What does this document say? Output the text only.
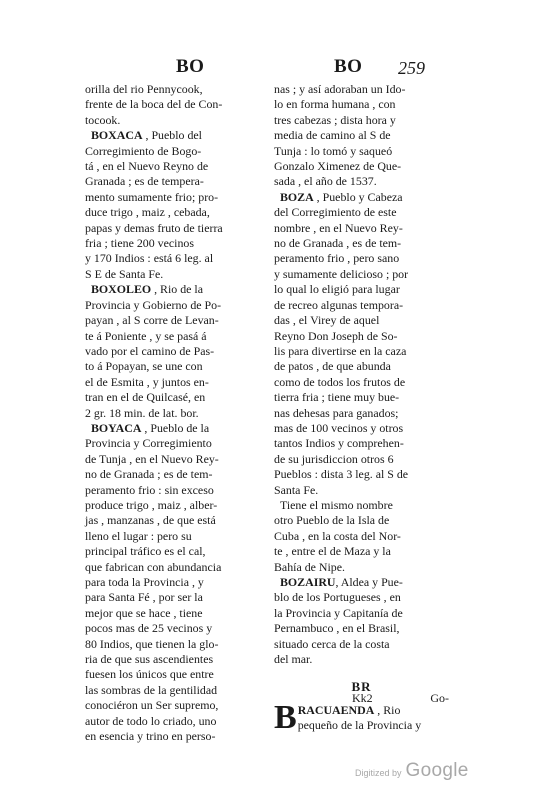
BO	BO 259

orilla del rio Pennycook,
frente de la boca del de Con-
tocook.

BOXACA , Pueblo del
Corregimiento de Bogo-
tá , en el Nuevo Reyno de
Granada ; es de tempera-
mento sumamente frio; pro-
duce trigo , maiz , cebada,
papas y demas fruto de tierra
fria ; tiene 200 vecinos
y 170 Indios : está 6 leg. al
S E de Santa Fe.

BOXOLEO , Rio de la
Provincia y Gobierno de Po-
payan , al S corre de Levan-
te á Poniente , y se pasá á
vado por el camino de Pas-
to á Popayan, se une con
el de Esmita , y juntos en-
tran en el de Quilcasé, en
2 gr. 18 min. de lat. bor.

BOYACA , Pueblo de la
Provincia y Corregimiento
de Tunja , en el Nuevo Rey-
no de Granada ; es de tem-
peramento frio : sin exceso
produce trigo , maiz , alber-
jas , manzanas , de que está
lleno el lugar : pero su
principal tráfico es el cal,
que fabrican con abundancia
para toda la Provincia , y
para Santa Fé , por ser la
mejor que se hace , tiene
pocos mas de 25 vecinos y
80 Indios, que tienen la glo-
ria de que sus ascendientes
fuesen los únicos que entre
las sombras de la gentilidad
conociéron un Ser supremo,
autor de todo lo criado, uno
en esencia y trino en perso-

nas ; y así adoraban un Ido-
lo en forma humana , con
tres cabezas ; dista hora y
media de camino al S de
Tunja : lo tomó y saqueó
Gonzalo Ximenez de Que-
sada , el año de 1537.

BOZA , Pueblo y Cabeza
del Corregimiento de este
nombre , en el Nuevo Rey-
no de Granada , es de tem-
peramento frio , pero sano
y sumamente delicioso ; por
lo qual lo eligió para lugar
de recreo algunas tempora-
das , el Virey de aquel
Reyno Don Joseph de So-
lis para divertirse en la caza
de patos , de que abunda
como de todos los frutos de
tierra fria ; tiene muy bue-
nas dehesas para ganados;
mas de 100 vecinos y otros
tantos Indios y comprehen-
de su jurisdiccion otros 6
Pueblos : dista 3 leg. al S de
Santa Fe.

Tiene el mismo nombre
otro Pueblo de la Isla de
Cuba , en la costa del Nor-
te , entre el de Maza y la
Bahía de Nipe.

BOZAIRU, Aldea y Pue-
blo de los Portugueses , en
la Provincia y Capitanía de
Pernambuco , en el Brasil,
situado cerca de la costa
del mar.

BR

B RACUAENDA , Rio
pequeño de la Provincia y

Kk2	Go-
Digitized by Google
